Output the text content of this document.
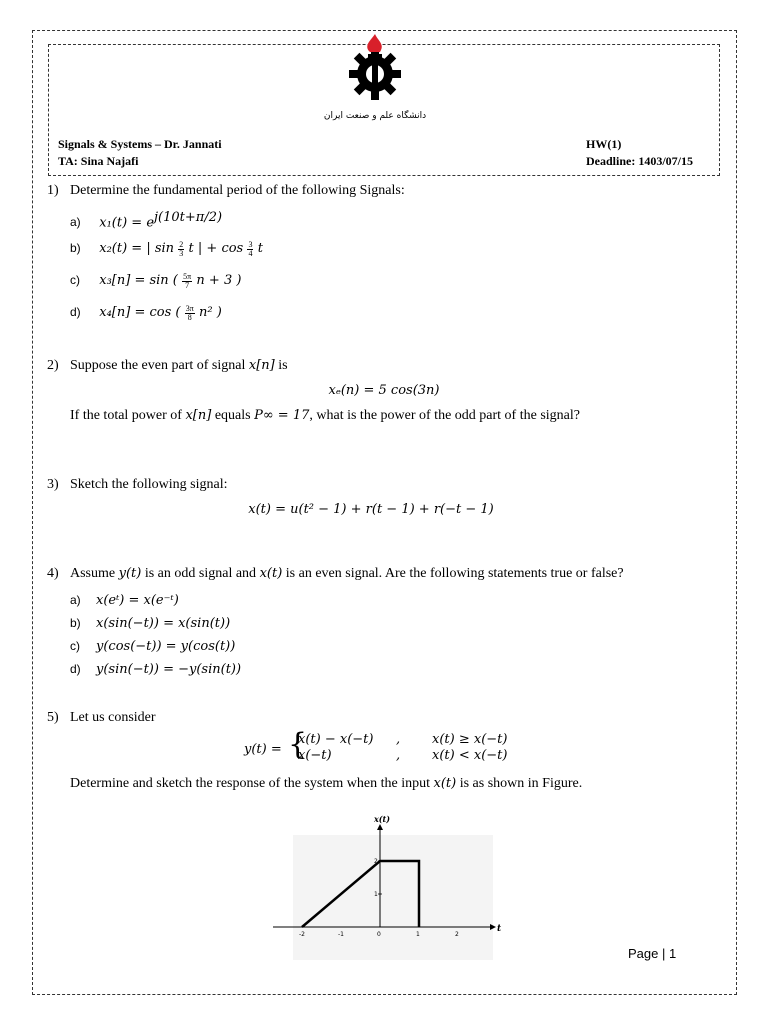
دانشگاه علم و صنعت ایران
Signals & Systems – Dr. Jannati
TA: Sina Najafi
HW(1)
Deadline: 1403/07/15
1) Determine the fundamental period of the following Signals:
a) $x_1(t) = e^{j(10t+\pi/2)}$
b) x₂(t) = | $\sin \frac{2}{3}$ t | + $\cos \frac{3}{4}$ t
c) x₃[n] = sin ( $\frac{5\pi}{7}$ n + 3 )
d) x₄[n] = cos ( $\frac{3\pi}{8} n^2$ )
2) Suppose the even part of signal x[n] is
xₑ(n) = 5 cos(3n)
If the total power of x[n] equals P∞ = 17, what is the power of the odd part of the signal?
3) Sketch the following signal:
x(t) = u(t² − 1) + r(t − 1) + r(−t − 1)
4) Assume y(t) is an odd signal and x(t) is an even signal. Are the following statements true or false?
a) x(eᵗ) = x(e⁻ᵗ)
b) x(sin(−t)) = x(sin(t))
c) y(cos(−t)) = y(cos(t))
d) y(sin(−t)) = −y(sin(t))
5) Let us consider
y(t) = {
x(t) − x(−t) , x(t) ≥ x(−t)
x(−t)	, x(t) < x(−t)
Determine and sketch the response of the system when the input x(t) is as shown in Figure.
x(t)
t
-2	-1	0	1	2
1
2
Page | 1
